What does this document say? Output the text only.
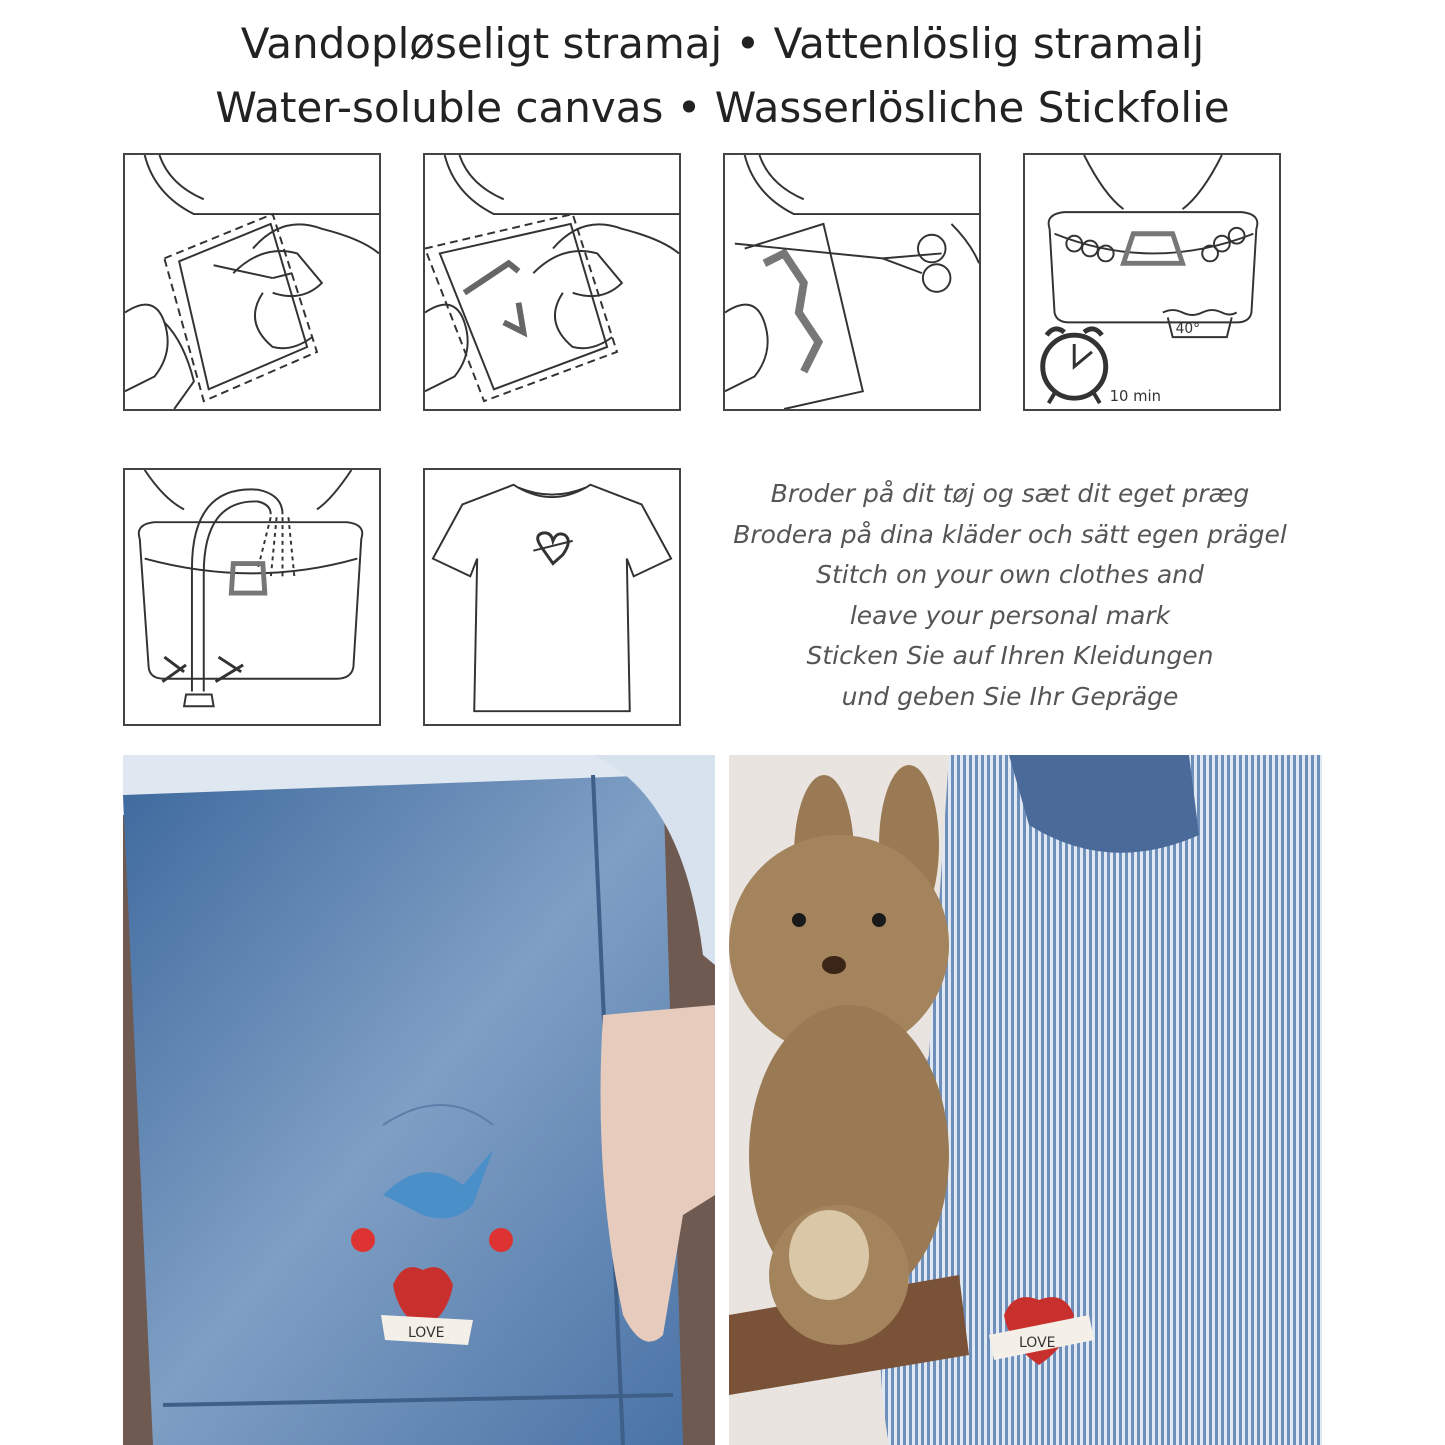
Vandopløseligt stramaj • Vattenlöslig stramalj
Water-soluble canvas • Wasserlösliche Stickfolie
40°
10 min
Broder på dit tøj og sæt dit eget præg
Brodera på dina kläder och sätt egen prägel
Stitch on your own clothes and
leave your personal mark
Sticken Sie auf Ihren Kleidungen
und geben Sie Ihr Gepräge
LOVE
LOVE
